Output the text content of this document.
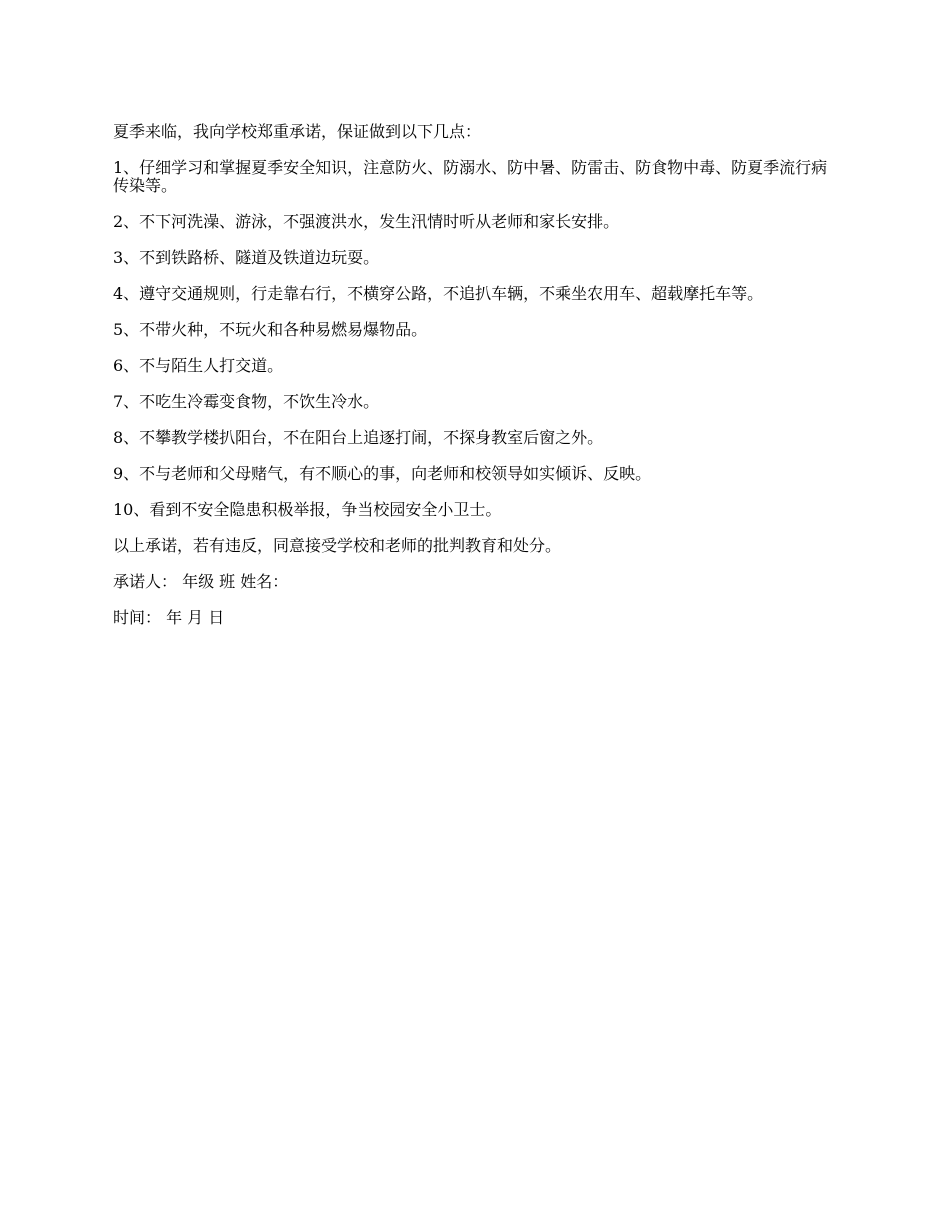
夏季来临，我向学校郑重承诺，保证做到以下几点：

1、仔细学习和掌握夏季安全知识，注意防火、防溺水、防中暑、防雷击、防食物中毒、防夏季流行病传染等。

2、不下河洗澡、游泳，不强渡洪水，发生汛情时听从老师和家长安排。

3、不到铁路桥、隧道及铁道边玩耍。

4、遵守交通规则，行走靠右行，不横穿公路，不追扒车辆，不乘坐农用车、超载摩托车等。

5、不带火种，不玩火和各种易燃易爆物品。

6、不与陌生人打交道。

7、不吃生冷霉变食物，不饮生冷水。

8、不攀教学楼扒阳台，不在阳台上追逐打闹，不探身教室后窗之外。

9、不与老师和父母赌气，有不顺心的事，向老师和校领导如实倾诉、反映。

10、看到不安全隐患积极举报，争当校园安全小卫士。

以上承诺，若有违反，同意接受学校和老师的批判教育和处分。

承诺人： 年级 班 姓名：

时间： 年 月 日
